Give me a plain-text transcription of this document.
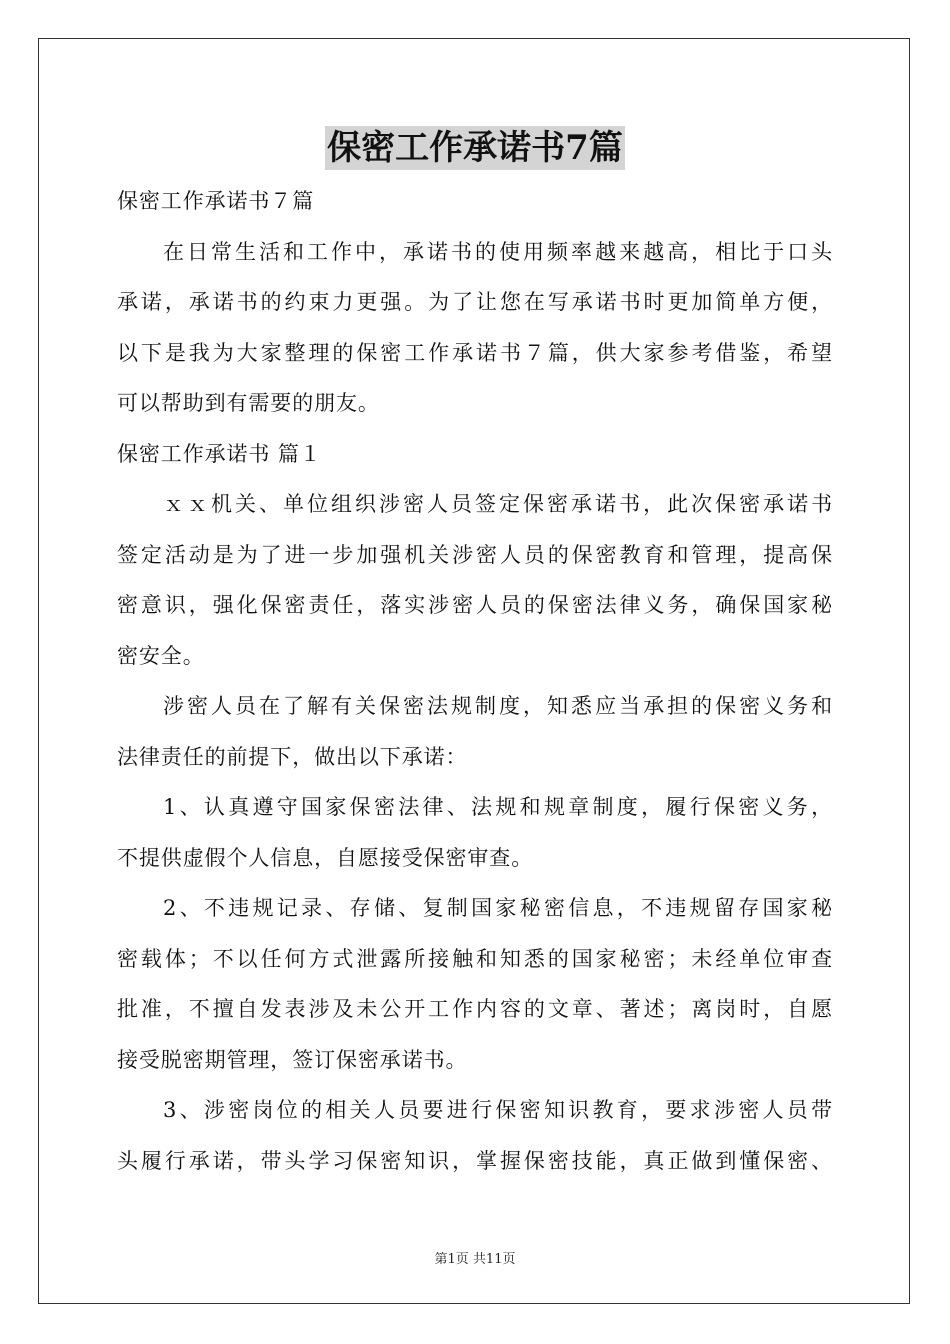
保密工作承诺书7篇
保密工作承诺书７篇
在日常生活和工作中，承诺书的使用频率越来越高，相比于口头
承诺，承诺书的约束力更强。为了让您在写承诺书时更加简单方便，
以下是我为大家整理的保密工作承诺书７篇，供大家参考借鉴，希望
可以帮助到有需要的朋友。
保密工作承诺书 篇１
ｘｘ机关、单位组织涉密人员签定保密承诺书，此次保密承诺书
签定活动是为了进一步加强机关涉密人员的保密教育和管理，提高保
密意识，强化保密责任，落实涉密人员的保密法律义务，确保国家秘
密安全。
涉密人员在了解有关保密法规制度，知悉应当承担的保密义务和
法律责任的前提下，做出以下承诺：
1、认真遵守国家保密法律、法规和规章制度，履行保密义务，
不提供虚假个人信息，自愿接受保密审查。
2、不违规记录、存储、复制国家秘密信息，不违规留存国家秘
密载体；不以任何方式泄露所接触和知悉的国家秘密；未经单位审查
批准，不擅自发表涉及未公开工作内容的文章、著述；离岗时，自愿
接受脱密期管理，签订保密承诺书。
3、涉密岗位的相关人员要进行保密知识教育，要求涉密人员带
头履行承诺，带头学习保密知识，掌握保密技能，真正做到懂保密、
第1页 共11页
